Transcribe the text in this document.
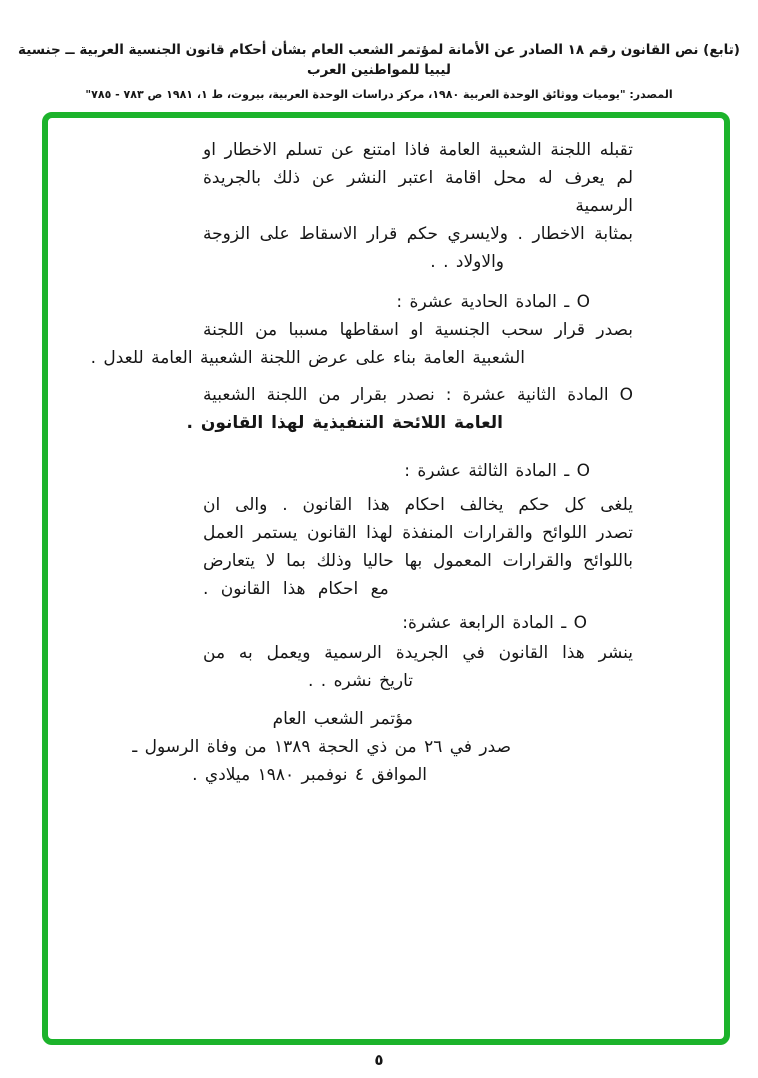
(تابع) نص القانون رقم ١٨ الصادر عن الأمانة لمؤتمر الشعب العام بشأن أحكام قانون الجنسية العربية ــ جنسية ليبيا للمواطنين العرب
المصدر: "يوميات ووثائق الوحدة العربية ١٩٨٠، مركز دراسات الوحدة العربية، بيروت، ط ١، ١٩٨١ ص ٧٨٣ - ٧٨٥"
تقبله اللجنة الشعبية العامة فاذا امتنع عن تسلم الاخطار او
لم يعرف له محل اقامة اعتبر النشر عن ذلك بالجريدة الرسمية
بمثابة الاخطار . ولايسري حكم قرار الاسقاط على الزوجة
والاولاد . .
O ـ المادة الحادية عشرة :
بصدر قرار سحب الجنسية او اسقاطها مسببا من اللجنة
الشعبية العامة بناء على عرض اللجنة الشعبية العامة للعدل .
O المادة الثانية عشرة : نصدر بقرار من اللجنة الشعبية
العامة اللائحة التنفيذية لهذا القانون .
O ـ المادة الثالثة عشرة :
يلغى كل حكم يخالف احكام هذا القانون . والى ان
تصدر اللوائح والقرارات المنفذة لهذا القانون يستمر العمل
باللوائح والقرارات المعمول بها حاليا وذلك بما لا يتعارض
مع احكام هذا القانون .
O ـ المادة الرابعة عشرة:
ينشر هذا القانون في الجريدة الرسمية ويعمل به من
تاريخ نشره . .
مؤتمر الشعب العام
صدر في ٢٦ من ذي الحجة ١٣٨٩ من وفاة الرسول ـ
الموافق ٤ نوفمبر ١٩٨٠ ميلادي .
٥
